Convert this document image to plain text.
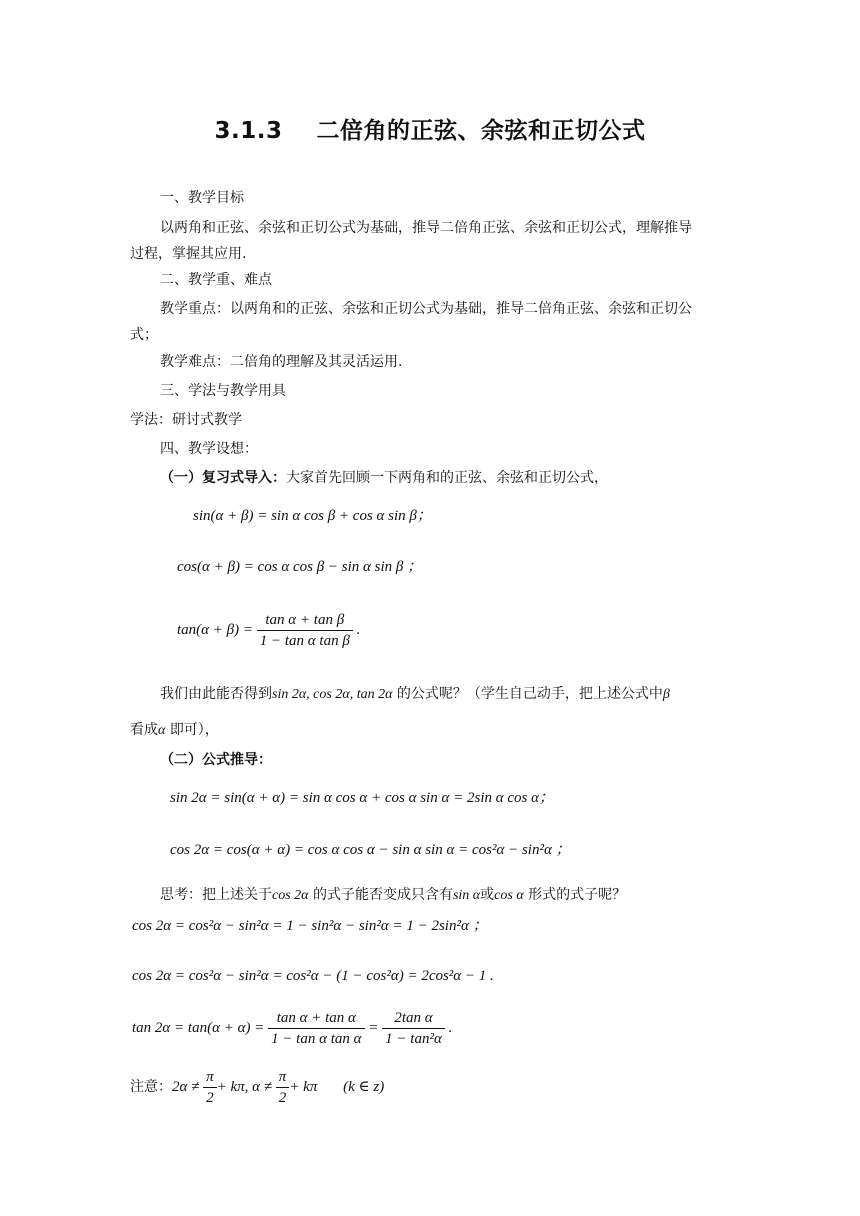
3.1.3    二倍角的正弦、余弦和正切公式
一、教学目标
以两角和正弦、余弦和正切公式为基础，推导二倍角正弦、余弦和正切公式，理解推导
过程，掌握其应用.
二、教学重、难点
教学重点：以两角和的正弦、余弦和正切公式为基础，推导二倍角正弦、余弦和正切公
式；
教学难点：二倍角的理解及其灵活运用.
三、学法与教学用具
学法：研讨式教学
四、教学设想：
（一）复习式导入：大家首先回顾一下两角和的正弦、余弦和正切公式，
sin(α + β) = sin α cos β + cos α sin β；
cos(α + β) = cos α cos β − sin α sin β ；
$\tan(\alpha + \beta) = \frac{\text{tan α + tan β}}{\text{1 − tan α tan β}}$ .
我们由此能否得到sin 2α, cos 2α, tan 2α 的公式呢？（学生自己动手，把上述公式中β
看成α 即可），
（二）公式推导：
sin 2α = sin(α + α) = sin α cos α + cos α sin α = 2sin α cos α；
cos 2α = cos(α + α) = cos α cos α − sin α sin α = cos²α − sin²α ；
思考：把上述关于cos 2α 的式子能否变成只含有sin α或cos α 形式的式子呢？
cos 2α = cos²α − sin²α = 1 − sin²α − sin²α = 1 − 2sin²α ；
cos 2α = cos²α − sin²α = cos²α − (1 − cos²α) = 2cos²α − 1 .
$\tan 2\alpha = \tan(\alpha + \alpha) = \frac{\text{tan α + tan α}}{\text{1 − tan α tan α}} = \frac{\text{2tan α}}{\text{1 − tan²α}}$ .
注意：$2\alpha \ne \frac{\pi}{2} + k\pi$, $\alpha \ne \frac{\pi}{2} + k\pi$ (k ∈ z)
